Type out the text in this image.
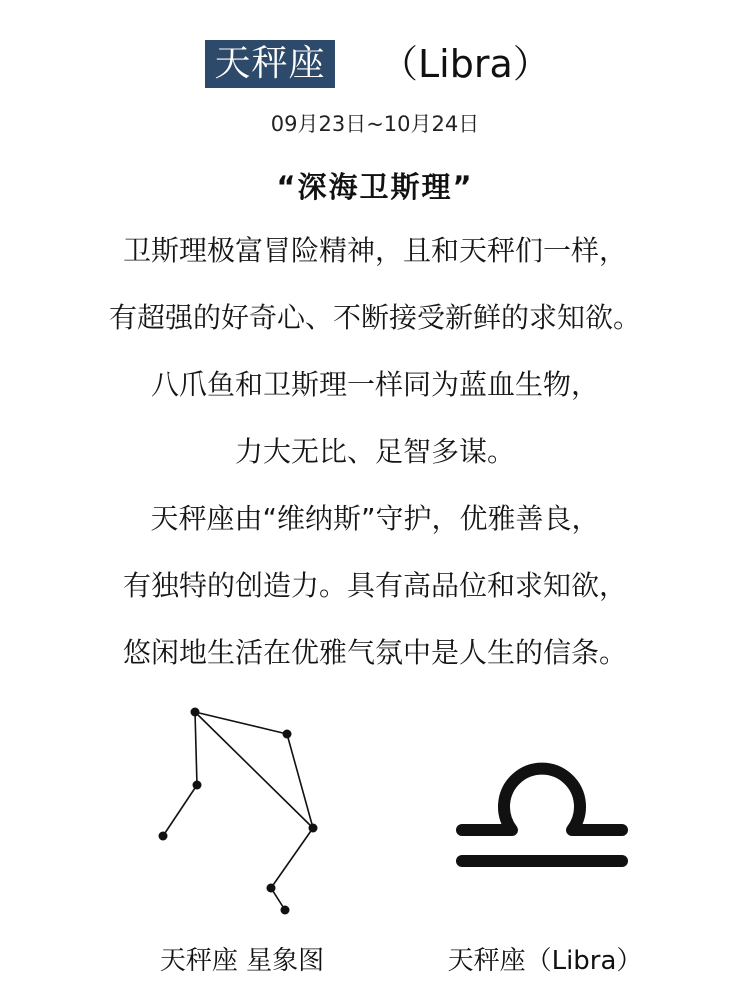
天秤座 （Libra）
09月23日~10月24日
“深海卫斯理”
卫斯理极富冒险精神，且和天秤们一样，
有超强的好奇心、不断接受新鲜的求知欲。
八爪鱼和卫斯理一样同为蓝血生物，
力大无比、足智多谋。
天秤座由“维纳斯”守护，优雅善良，
有独特的创造力。具有高品位和求知欲，
悠闲地生活在优雅气氛中是人生的信条。
天秤座 星象图	天秤座（Libra）
